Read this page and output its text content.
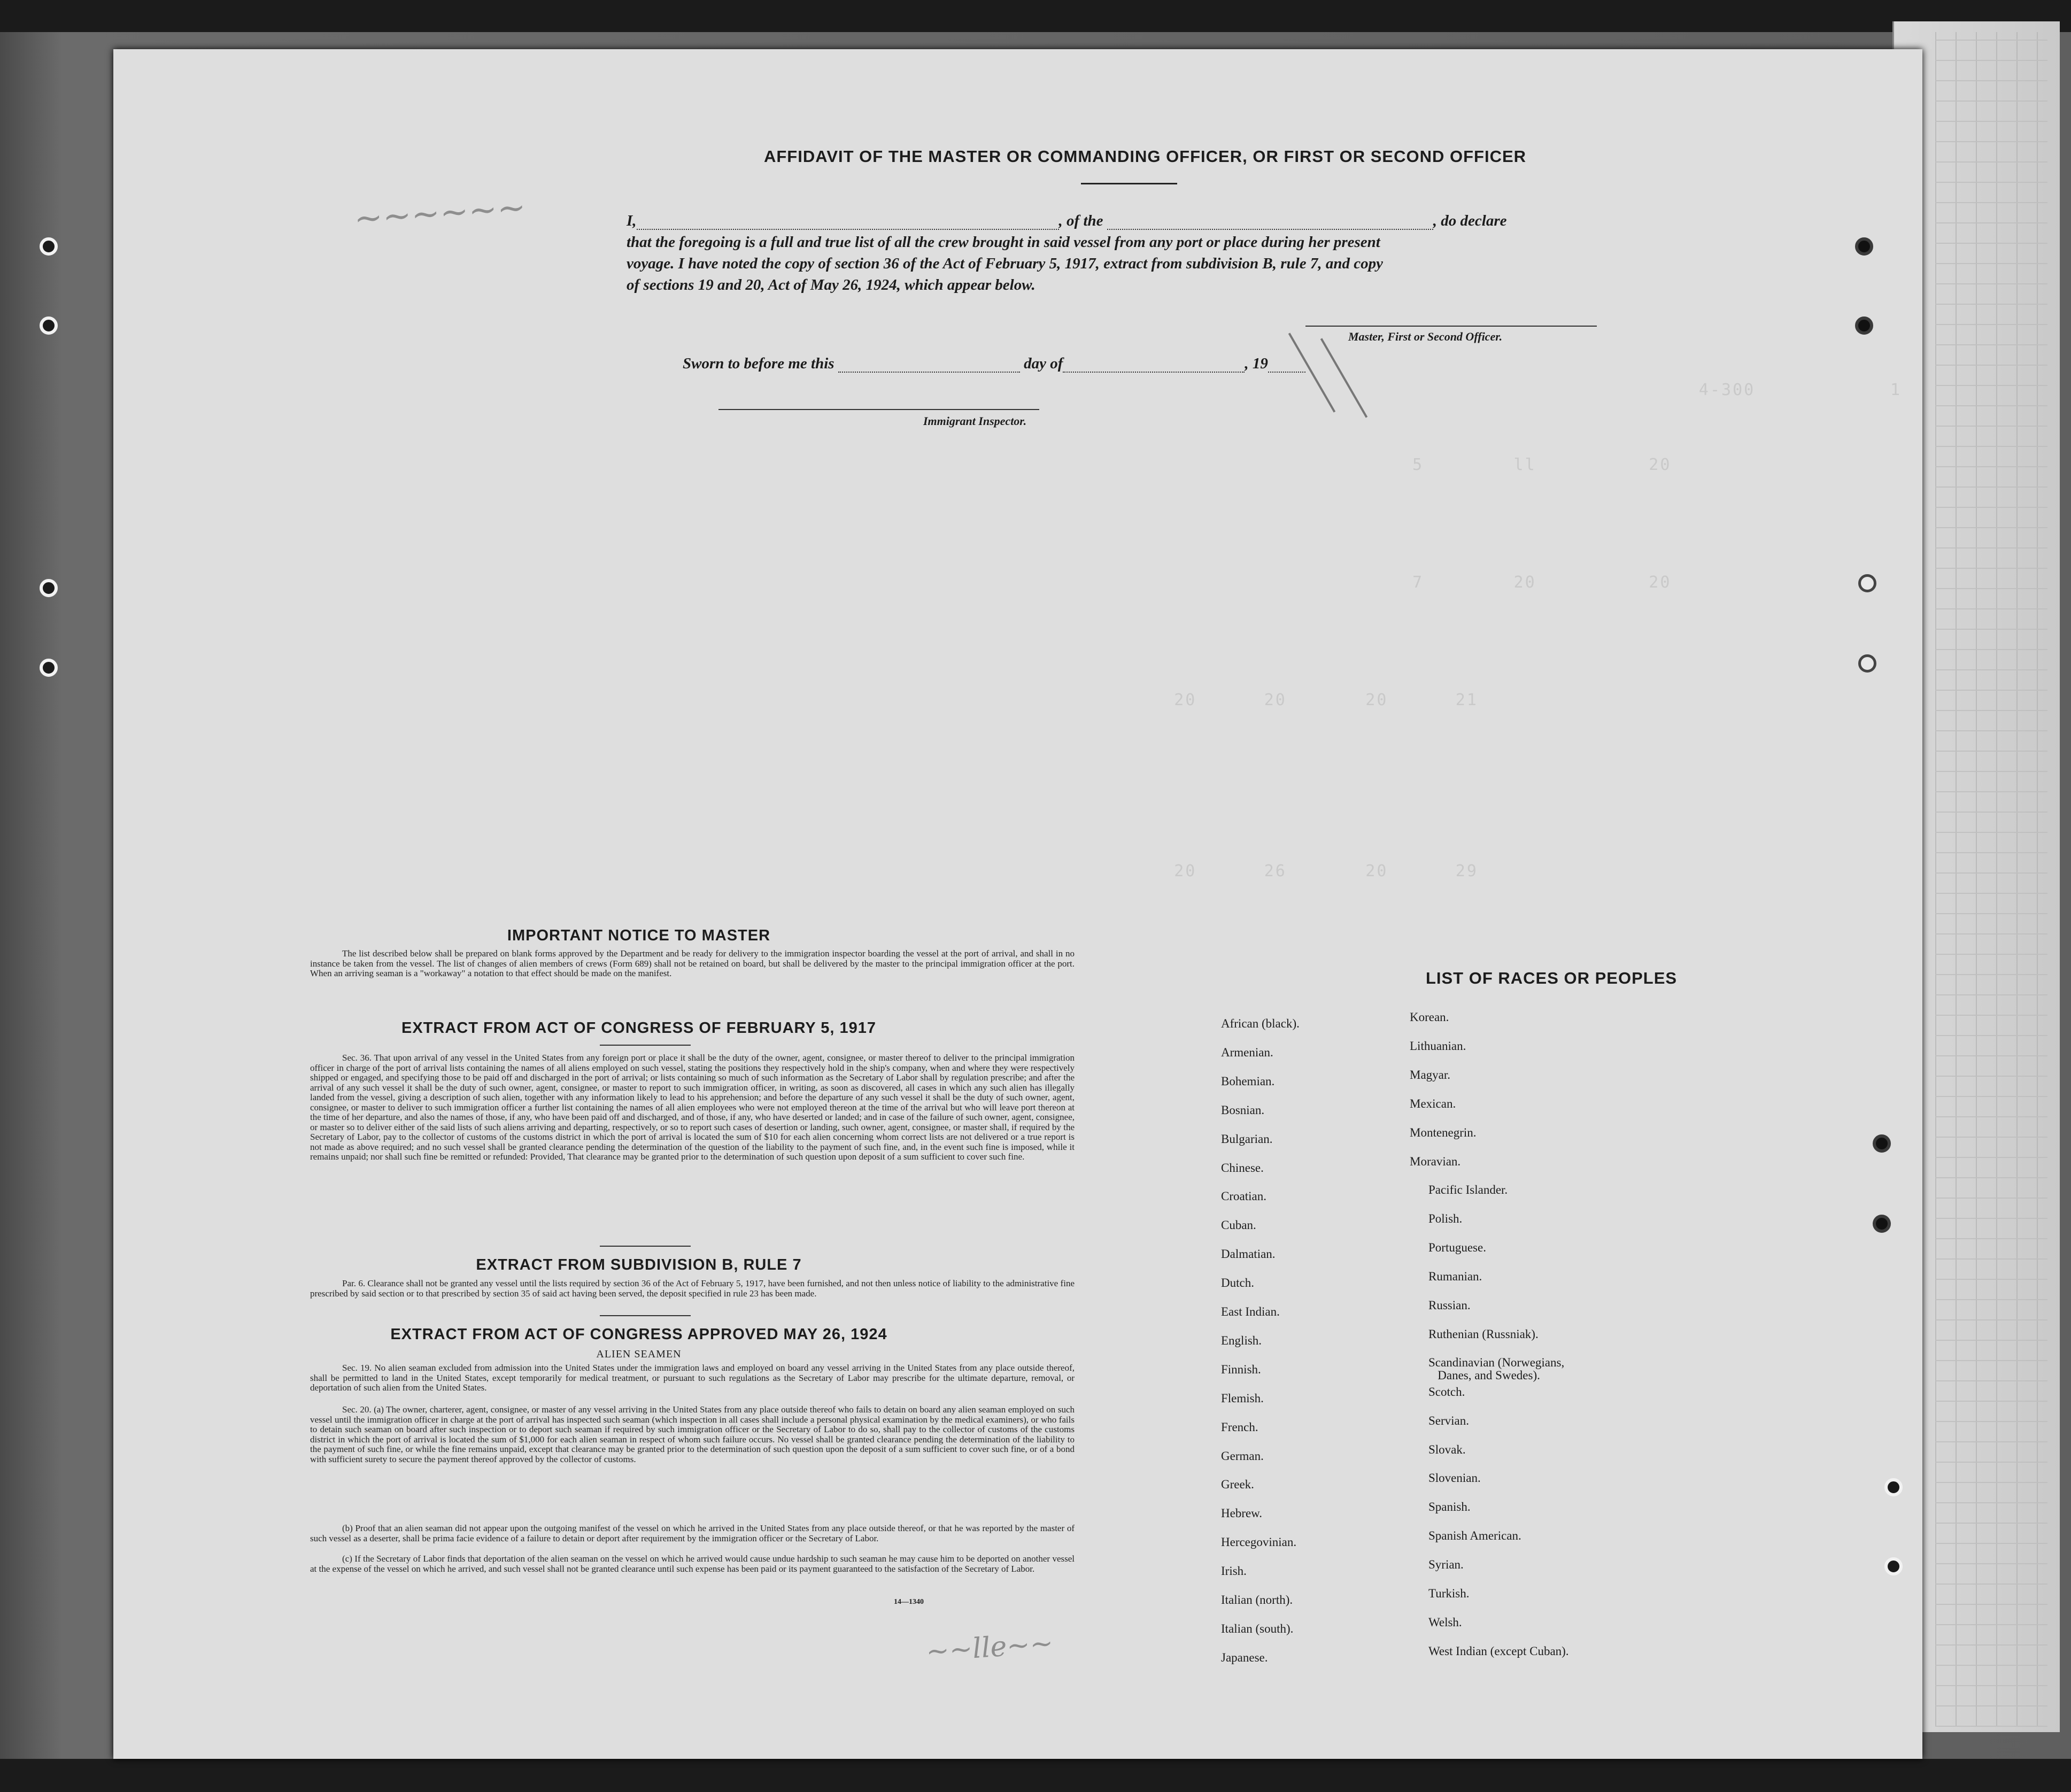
4-300            1
5        ll          20
7        20          20
20      20       20      21
20      26       20      29
~~~~~~
~~lle~~
AFFIDAVIT OF THE MASTER OR COMMANDING OFFICER, OR FIRST OR SECOND OFFICER
I,	, of the	, do declare
that the foregoing is a full and true list of all the crew brought in said vessel from any port or place during her present
voyage. I have noted the copy of section 36 of the Act of February 5, 1917, extract from subdivision B, rule 7, and copy
of sections 19 and 20, Act of May 26, 1924, which appear below.
Master, First or Second Officer.
Sworn to before me this	day of	, 19
Immigrant Inspector.
IMPORTANT NOTICE TO MASTER
The list described below shall be prepared on blank forms approved by the Department and be ready for delivery to the immigration inspector boarding the vessel at the port of arrival, and shall in no instance be taken from the vessel. The list of changes of alien members of crews (Form 689) shall not be retained on board, but shall be delivered by the master to the principal immigration officer at the port. When an arriving seaman is a "workaway" a notation to that effect should be made on the manifest.
EXTRACT FROM ACT OF CONGRESS OF FEBRUARY 5, 1917
Sec. 36. That upon arrival of any vessel in the United States from any foreign port or place it shall be the duty of the owner, agent, consignee, or master thereof to deliver to the principal immigration officer in charge of the port of arrival lists containing the names of all aliens employed on such vessel, stating the positions they respectively hold in the ship's company, when and where they were respectively shipped or engaged, and specifying those to be paid off and discharged in the port of arrival; or lists containing so much of such information as the Secretary of Labor shall by regulation prescribe; and after the arrival of any such vessel it shall be the duty of such owner, agent, consignee, or master to report to such immigration officer, in writing, as soon as discovered, all cases in which any such alien has illegally landed from the vessel, giving a description of such alien, together with any information likely to lead to his apprehension; and before the departure of any such vessel it shall be the duty of such owner, agent, consignee, or master to deliver to such immigration officer a further list containing the names of all alien employees who were not employed thereon at the time of the arrival but who will leave port thereon at the time of her departure, and also the names of those, if any, who have been paid off and discharged, and of those, if any, who have deserted or landed; and in case of the failure of such owner, agent, consignee, or master so to deliver either of the said lists of such aliens arriving and departing, respectively, or so to report such cases of desertion or landing, such owner, agent, consignee, or master shall, if required by the Secretary of Labor, pay to the collector of customs of the customs district in which the port of arrival is located the sum of $10 for each alien concerning whom correct lists are not delivered or a true report is not made as above required; and no such vessel shall be granted clearance pending the determination of the question of the liability to the payment of such fine, and, in the event such fine is imposed, while it remains unpaid; nor shall such fine be remitted or refunded: Provided, That clearance may be granted prior to the determination of such question upon deposit of a sum sufficient to cover such fine.
EXTRACT FROM SUBDIVISION B, RULE 7
Par. 6. Clearance shall not be granted any vessel until the lists required by section 36 of the Act of February 5, 1917, have been furnished, and not then unless notice of liability to the administrative fine prescribed by said section or to that prescribed by section 35 of said act having been served, the deposit specified in rule 23 has been made.
EXTRACT FROM ACT OF CONGRESS APPROVED MAY 26, 1924
ALIEN SEAMEN
Sec. 19. No alien seaman excluded from admission into the United States under the immigration laws and employed on board any vessel arriving in the United States from any place outside thereof, shall be permitted to land in the United States, except temporarily for medical treatment, or pursuant to such regulations as the Secretary of Labor may prescribe for the ultimate departure, removal, or deportation of such alien from the United States.
Sec. 20. (a) The owner, charterer, agent, consignee, or master of any vessel arriving in the United States from any place outside thereof who fails to detain on board any alien seaman employed on such vessel until the immigration officer in charge at the port of arrival has inspected such seaman (which inspection in all cases shall include a personal physical examination by the medical examiners), or who fails to detain such seaman on board after such inspection or to deport such seaman if required by such immigration officer or the Secretary of Labor to do so, shall pay to the collector of customs of the customs district in which the port of arrival is located the sum of $1,000 for each alien seaman in respect of whom such failure occurs. No vessel shall be granted clearance pending the determination of the liability to the payment of such fine, or while the fine remains unpaid, except that clearance may be granted prior to the determination of such question upon the deposit of a sum sufficient to cover such fine, or of a bond with sufficient surety to secure the payment thereof approved by the collector of customs.
(b) Proof that an alien seaman did not appear upon the outgoing manifest of the vessel on which he arrived in the United States from any place outside thereof, or that he was reported by the master of such vessel as a deserter, shall be prima facie evidence of a failure to detain or deport after requirement by the immigration officer or the Secretary of Labor.
(c) If the Secretary of Labor finds that deportation of the alien seaman on the vessel on which he arrived would cause undue hardship to such seaman he may cause him to be deported on another vessel at the expense of the vessel on which he arrived, and such vessel shall not be granted clearance until such expense has been paid or its payment guaranteed to the satisfaction of the Secretary of Labor.
14—1340
LIST OF RACES OR PEOPLES
African (black).
Armenian.
Bohemian.
Bosnian.
Bulgarian.
Chinese.
Croatian.
Cuban.
Dalmatian.
Dutch.
East Indian.
English.
Finnish.
Flemish.
French.
German.
Greek.
Hebrew.
Hercegovinian.
Irish.
Italian (north).
Italian (south).
Japanese.
Korean.
Lithuanian.
Magyar.
Mexican.
Montenegrin.
Moravian.
Pacific Islander.
Polish.
Portuguese.
Rumanian.
Russian.
Ruthenian (Russniak).
Scandinavian (Norwegians,
Danes, and Swedes).
Scotch.
Servian.
Slovak.
Slovenian.
Spanish.
Spanish American.
Syrian.
Turkish.
Welsh.
West Indian (except Cuban).
